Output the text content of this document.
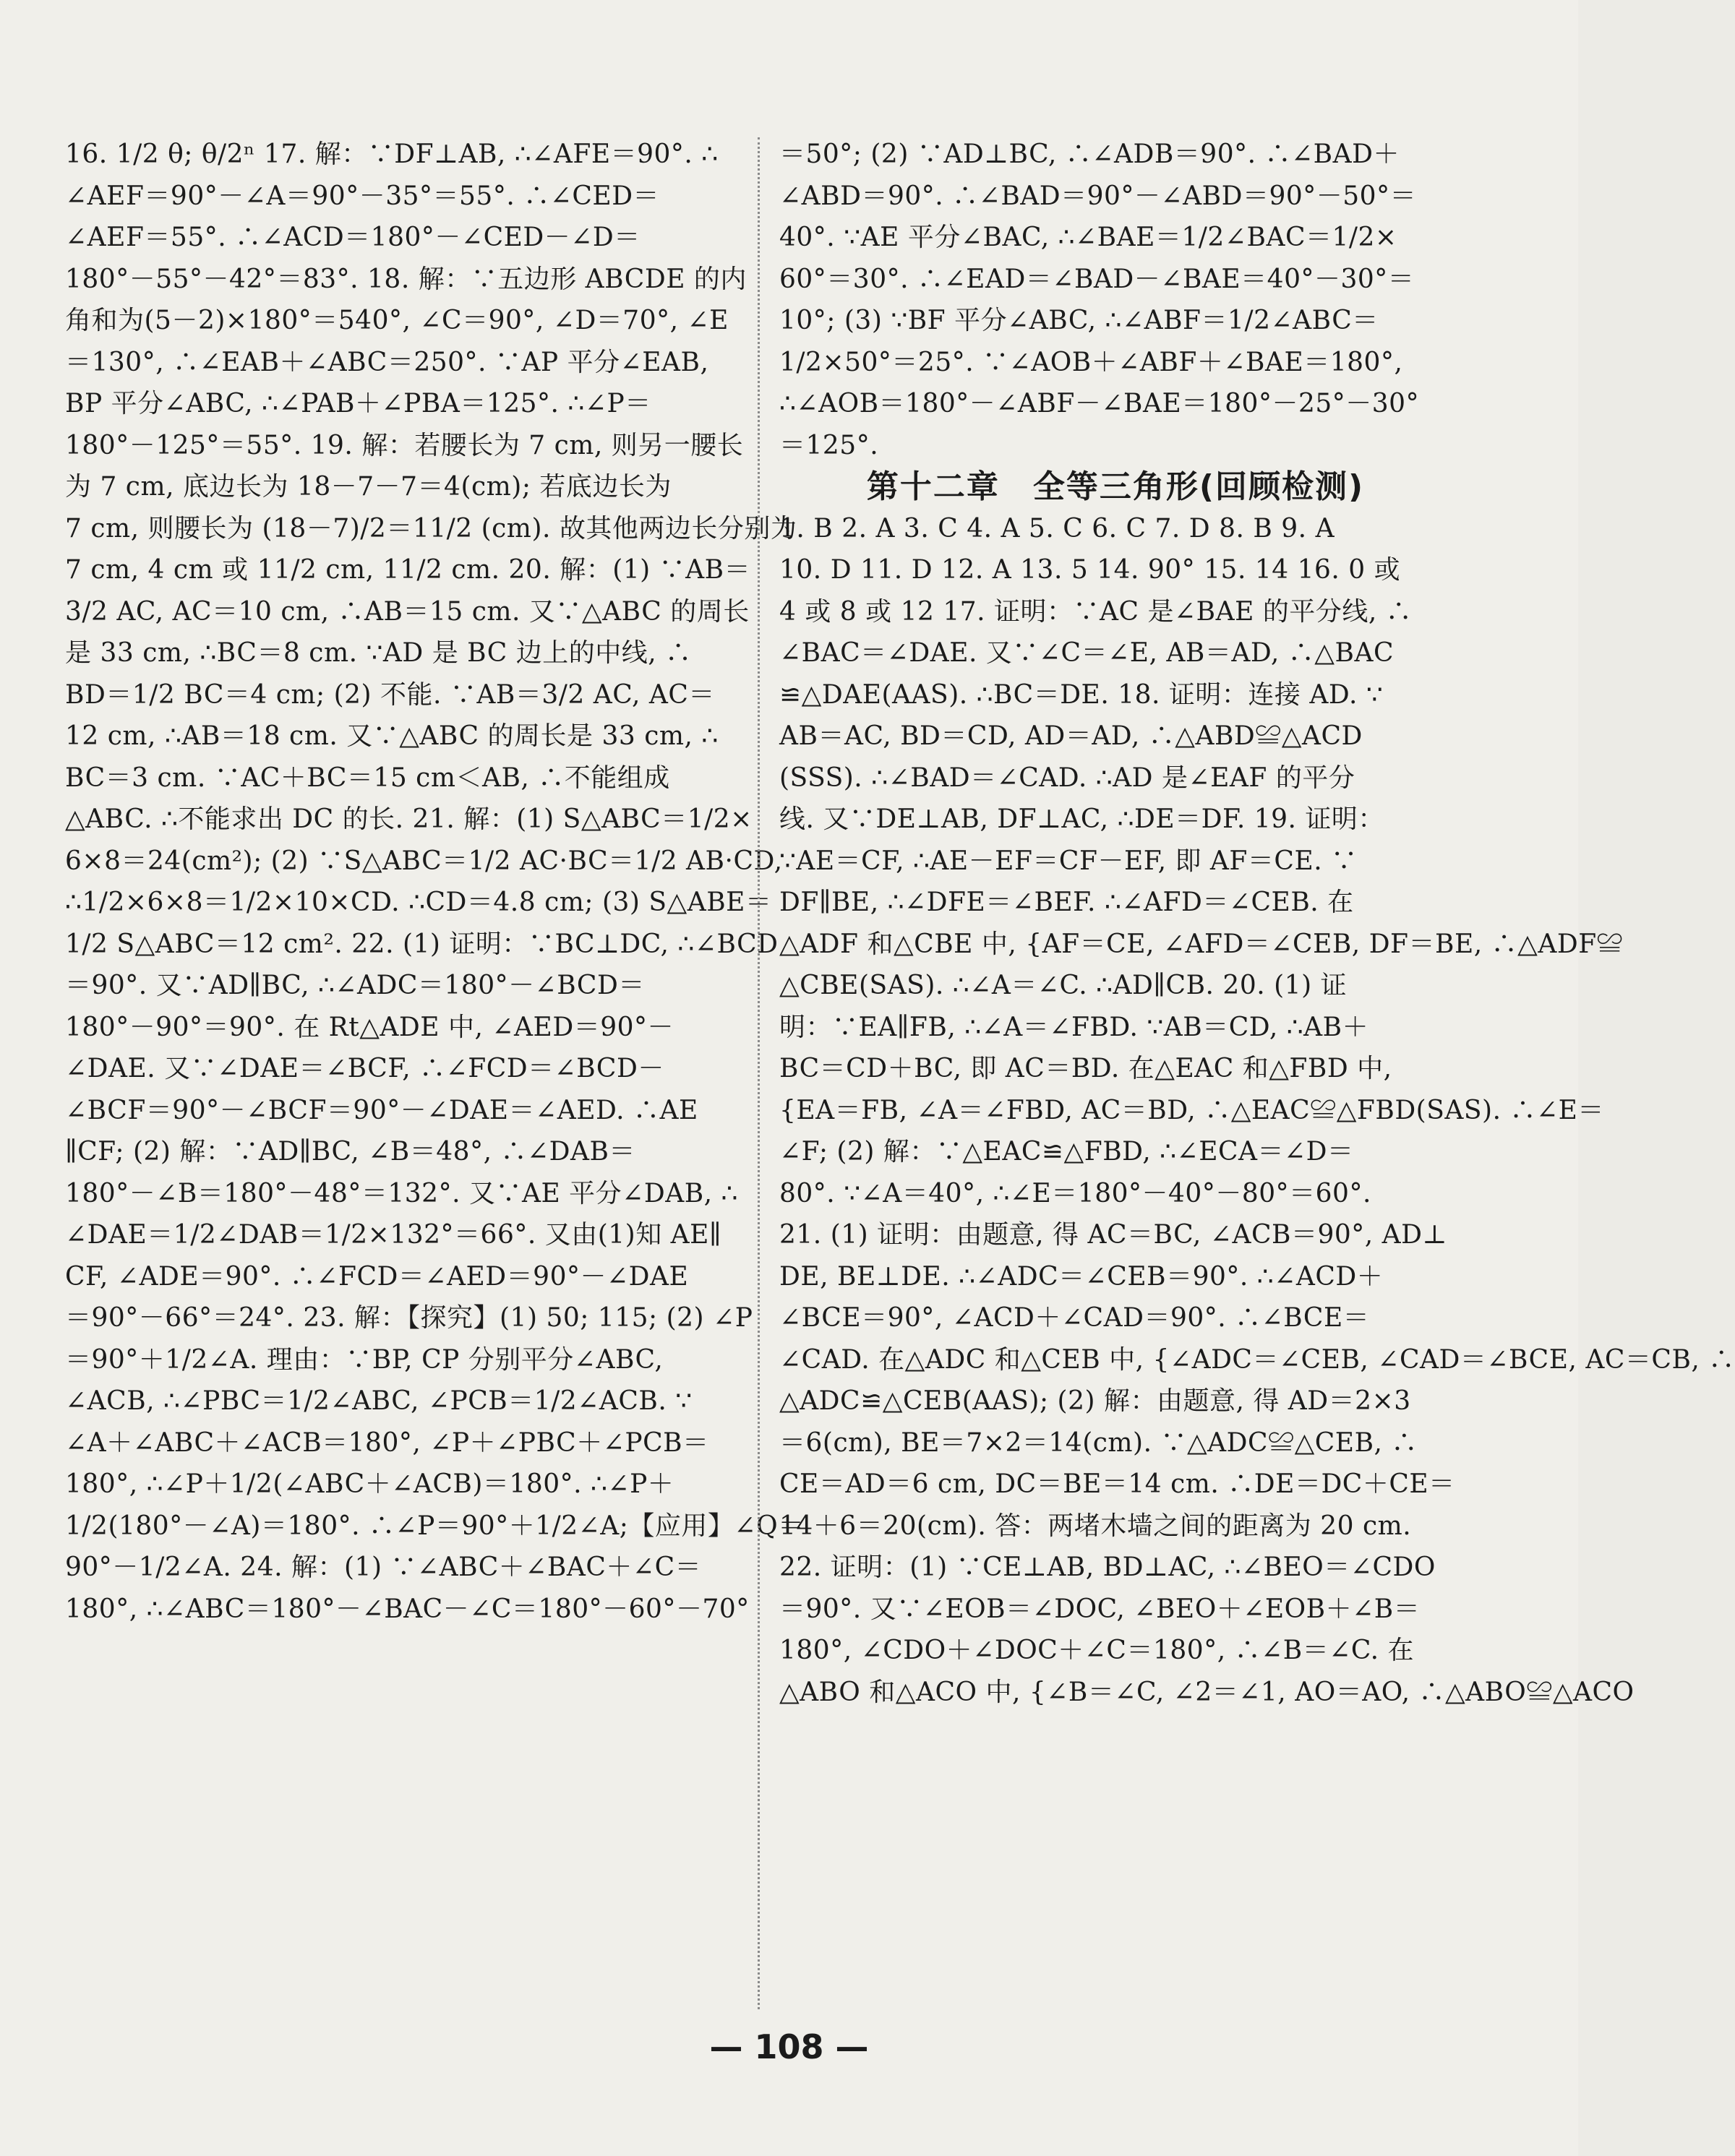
16. 1/2 θ; θ/2ⁿ 17. 解：∵DF⊥AB, ∴∠AFE＝90°. ∴
∠AEF＝90°－∠A＝90°－35°＝55°. ∴∠CED＝
∠AEF＝55°. ∴∠ACD＝180°－∠CED－∠D＝
180°－55°－42°＝83°. 18. 解：∵五边形 ABCDE 的内
角和为(5－2)×180°＝540°, ∠C＝90°, ∠D＝70°, ∠E
＝130°, ∴∠EAB＋∠ABC＝250°. ∵AP 平分∠EAB,
BP 平分∠ABC, ∴∠PAB＋∠PBA＝125°. ∴∠P＝
180°－125°＝55°. 19. 解：若腰长为 7 cm, 则另一腰长
为 7 cm, 底边长为 18－7－7＝4(cm); 若底边长为
7 cm, 则腰长为 (18－7)/2＝11/2 (cm). 故其他两边长分别为
7 cm, 4 cm 或 11/2 cm, 11/2 cm. 20. 解：(1) ∵AB＝
3/2 AC, AC＝10 cm, ∴AB＝15 cm. 又∵△ABC 的周长
是 33 cm, ∴BC＝8 cm. ∵AD 是 BC 边上的中线, ∴
BD＝1/2 BC＝4 cm; (2) 不能. ∵AB＝3/2 AC, AC＝
12 cm, ∴AB＝18 cm. 又∵△ABC 的周长是 33 cm, ∴
BC＝3 cm. ∵AC＋BC＝15 cm＜AB, ∴不能组成
△ABC. ∴不能求出 DC 的长. 21. 解：(1) S△ABC＝1/2×
6×8＝24(cm²); (2) ∵S△ABC＝1/2 AC·BC＝1/2 AB·CD,
∴1/2×6×8＝1/2×10×CD. ∴CD＝4.8 cm; (3) S△ABE＝
1/2 S△ABC＝12 cm². 22. (1) 证明：∵BC⊥DC, ∴∠BCD
＝90°. 又∵AD∥BC, ∴∠ADC＝180°－∠BCD＝
180°－90°＝90°. 在 Rt△ADE 中, ∠AED＝90°－
∠DAE. 又∵∠DAE＝∠BCF, ∴∠FCD＝∠BCD－
∠BCF＝90°－∠BCF＝90°－∠DAE＝∠AED. ∴AE
∥CF; (2) 解：∵AD∥BC, ∠B＝48°, ∴∠DAB＝
180°－∠B＝180°－48°＝132°. 又∵AE 平分∠DAB, ∴
∠DAE＝1/2∠DAB＝1/2×132°＝66°. 又由(1)知 AE∥
CF, ∠ADE＝90°. ∴∠FCD＝∠AED＝90°－∠DAE
＝90°－66°＝24°. 23. 解：【探究】(1) 50; 115; (2) ∠P
＝90°＋1/2∠A. 理由：∵BP, CP 分别平分∠ABC,
∠ACB, ∴∠PBC＝1/2∠ABC, ∠PCB＝1/2∠ACB. ∵
∠A＋∠ABC＋∠ACB＝180°, ∠P＋∠PBC＋∠PCB＝
180°, ∴∠P＋1/2(∠ABC＋∠ACB)＝180°. ∴∠P＋
1/2(180°－∠A)＝180°. ∴∠P＝90°＋1/2∠A;【应用】∠Q＝
90°－1/2∠A. 24. 解：(1) ∵∠ABC＋∠BAC＋∠C＝
180°, ∴∠ABC＝180°－∠BAC－∠C＝180°－60°－70°
＝50°; (2) ∵AD⊥BC, ∴∠ADB＝90°. ∴∠BAD＋
∠ABD＝90°. ∴∠BAD＝90°－∠ABD＝90°－50°＝
40°. ∵AE 平分∠BAC, ∴∠BAE＝1/2∠BAC＝1/2×
60°＝30°. ∴∠EAD＝∠BAD－∠BAE＝40°－30°＝
10°; (3) ∵BF 平分∠ABC, ∴∠ABF＝1/2∠ABC＝
1/2×50°＝25°. ∵∠AOB＋∠ABF＋∠BAE＝180°,
∴∠AOB＝180°－∠ABF－∠BAE＝180°－25°－30°
＝125°.
第十二章　全等三角形(回顾检测)
1. B 2. A 3. C 4. A 5. C 6. C 7. D 8. B 9. A
10. D 11. D 12. A 13. 5 14. 90° 15. 14 16. 0 或
4 或 8 或 12 17. 证明：∵AC 是∠BAE 的平分线, ∴
∠BAC＝∠DAE. 又∵∠C＝∠E, AB＝AD, ∴△BAC
≌△DAE(AAS). ∴BC＝DE. 18. 证明：连接 AD. ∵
AB＝AC, BD＝CD, AD＝AD, ∴△ABD≌△ACD
(SSS). ∴∠BAD＝∠CAD. ∴AD 是∠EAF 的平分
线. 又∵DE⊥AB, DF⊥AC, ∴DE＝DF. 19. 证明：
∵AE＝CF, ∴AE－EF＝CF－EF, 即 AF＝CE. ∵
DF∥BE, ∴∠DFE＝∠BEF. ∴∠AFD＝∠CEB. 在
△ADF 和△CBE 中, {AF＝CE, ∠AFD＝∠CEB, DF＝BE, ∴△ADF≌
△CBE(SAS). ∴∠A＝∠C. ∴AD∥CB. 20. (1) 证
明：∵EA∥FB, ∴∠A＝∠FBD. ∵AB＝CD, ∴AB＋
BC＝CD＋BC, 即 AC＝BD. 在△EAC 和△FBD 中,
{EA＝FB, ∠A＝∠FBD, AC＝BD, ∴△EAC≌△FBD(SAS). ∴∠E＝
∠F; (2) 解：∵△EAC≌△FBD, ∴∠ECA＝∠D＝
80°. ∵∠A＝40°, ∴∠E＝180°－40°－80°＝60°.
21. (1) 证明：由题意, 得 AC＝BC, ∠ACB＝90°, AD⊥
DE, BE⊥DE. ∴∠ADC＝∠CEB＝90°. ∴∠ACD＋
∠BCE＝90°, ∠ACD＋∠CAD＝90°. ∴∠BCE＝
∠CAD. 在△ADC 和△CEB 中, {∠ADC＝∠CEB, ∠CAD＝∠BCE, AC＝CB, ∴
△ADC≌△CEB(AAS); (2) 解：由题意, 得 AD＝2×3
＝6(cm), BE＝7×2＝14(cm). ∵△ADC≌△CEB, ∴
CE＝AD＝6 cm, DC＝BE＝14 cm. ∴DE＝DC＋CE＝
14＋6＝20(cm). 答：两堵木墙之间的距离为 20 cm.
22. 证明：(1) ∵CE⊥AB, BD⊥AC, ∴∠BEO＝∠CDO
＝90°. 又∵∠EOB＝∠DOC, ∠BEO＋∠EOB＋∠B＝
180°, ∠CDO＋∠DOC＋∠C＝180°, ∴∠B＝∠C. 在
△ABO 和△ACO 中, {∠B＝∠C, ∠2＝∠1, AO＝AO, ∴△ABO≌△ACO
— 108 —
